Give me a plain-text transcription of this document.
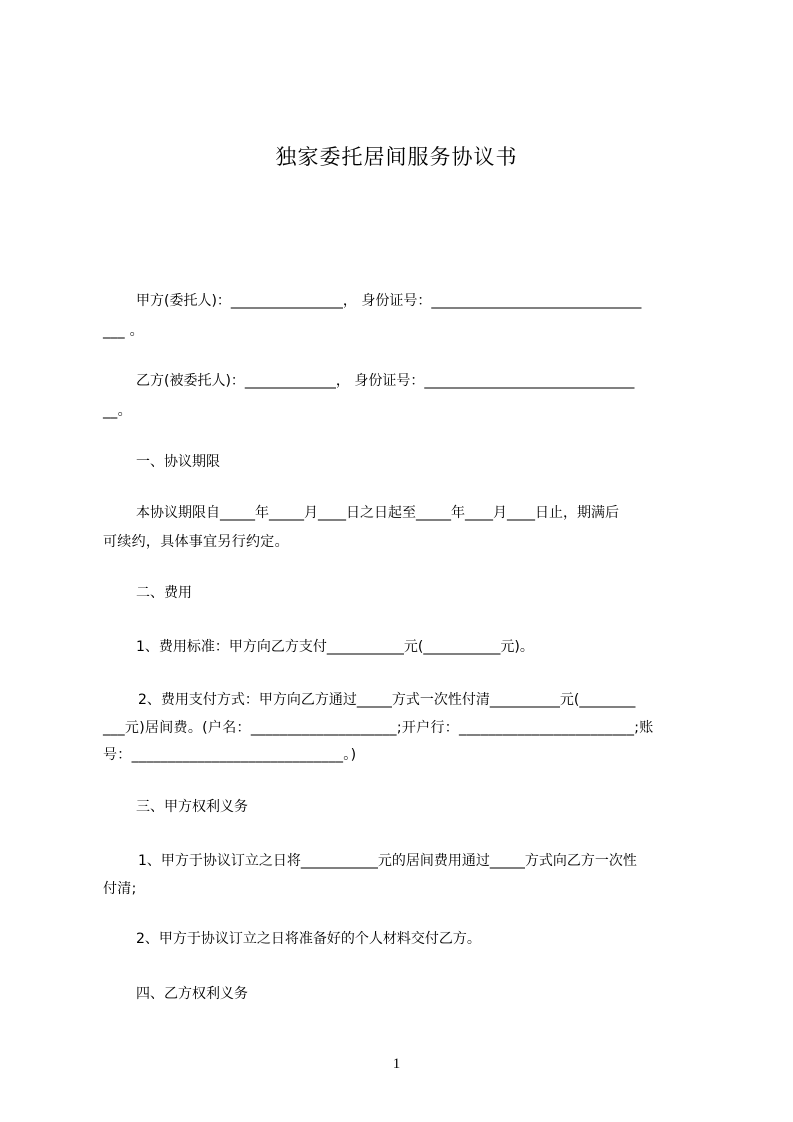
独家委托居间服务协议书
甲方(委托人)：________________， 身份证号：______________________________
___ 。
乙方(被委托人)：_____________， 身份证号：______________________________
__。
一、协议期限
本协议期限自_____年_____月____日之日起至_____年____月____日止，期满后
可续约，具体事宜另行约定。
二、费用
1、费用标准：甲方向乙方支付___________元(___________元)。
2、费用支付方式：甲方向乙方通过_____方式一次性付清__________元(________
___元)居间费。(户名：____________________;开户行：________________________;账
号：_____________________________。)
三、甲方权利义务
1、甲方于协议订立之日将___________元的居间费用通过_____方式向乙方一次性
付清;
2、甲方于协议订立之日将准备好的个人材料交付乙方。
四、乙方权利义务
1
